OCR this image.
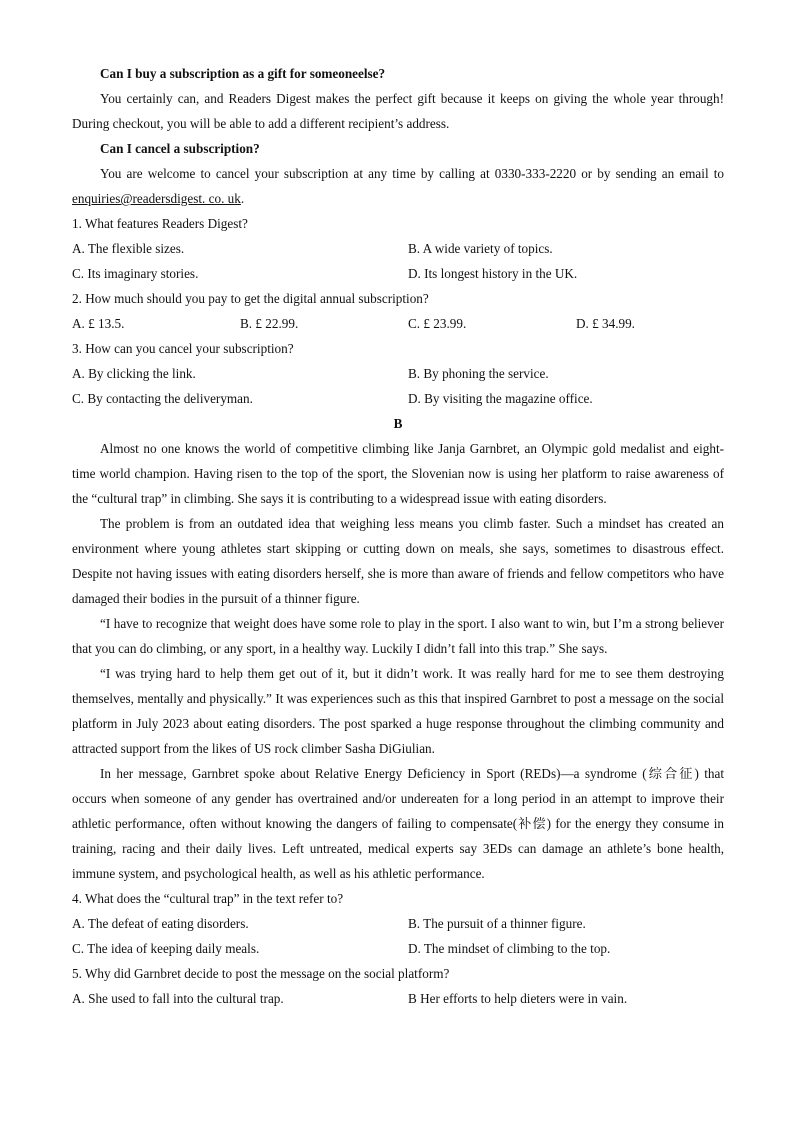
Can I buy a subscription as a gift for someoneelse?

You certainly can, and Readers Digest makes the perfect gift because it keeps on giving the whole year through! During checkout, you will be able to add a different recipient’s address.

Can I cancel a subscription?

You are welcome to cancel your subscription at any time by calling at 0330-333-2220 or by sending an email to enquiries@readersdigest. co. uk.

1. What features Readers Digest?

A. The flexible sizes.	B. A wide variety of topics.
C. Its imaginary stories.	D. Its longest history in the UK.

2. How much should you pay to get the digital annual subscription?

A. £ 13.5.	B. £ 22.99.	C. £ 23.99.	D. £ 34.99.

3. How can you cancel your subscription?

A. By clicking the link.	B. By phoning the service.
C. By contacting the deliveryman.	D. By visiting the magazine office.

B

Almost no one knows the world of competitive climbing like Janja Garnbret, an Olympic gold medalist and eight-time world champion. Having risen to the top of the sport, the Slovenian now is using her platform to raise awareness of the “cultural trap” in climbing. She says it is contributing to a widespread issue with eating disorders.

The problem is from an outdated idea that weighing less means you climb faster. Such a mindset has created an environment where young athletes start skipping or cutting down on meals, she says, sometimes to disastrous effect. Despite not having issues with eating disorders herself, she is more than aware of friends and fellow competitors who have damaged their bodies in the pursuit of a thinner figure.

“I have to recognize that weight does have some role to play in the sport. I also want to win, but I’m a strong believer that you can do climbing, or any sport, in a healthy way. Luckily I didn’t fall into this trap.” She says.

“I was trying hard to help them get out of it, but it didn’t work. It was really hard for me to see them destroying themselves, mentally and physically.” It was experiences such as this that inspired Garnbret to post a message on the social platform in July 2023 about eating disorders. The post sparked a huge response throughout the climbing community and attracted support from the likes of US rock climber Sasha DiGiulian.

In her message, Garnbret spoke about Relative Energy Deficiency in Sport (REDs)—a syndrome (综合征) that occurs when someone of any gender has overtrained and/or undereaten for a long period in an attempt to improve their athletic performance, often without knowing the dangers of failing to compensate(补偿) for the energy they consume in training, racing and their daily lives. Left untreated, medical experts say 3EDs can damage an athlete’s bone health, immune system, and psychological health, as well as his athletic performance.

4. What does the “cultural trap” in the text refer to?

A. The defeat of eating disorders.	B. The pursuit of a thinner figure.
C. The idea of keeping daily meals.	D. The mindset of climbing to the top.

5. Why did Garnbret decide to post the message on the social platform?

A. She used to fall into the cultural trap.	B Her efforts to help dieters were in vain.
